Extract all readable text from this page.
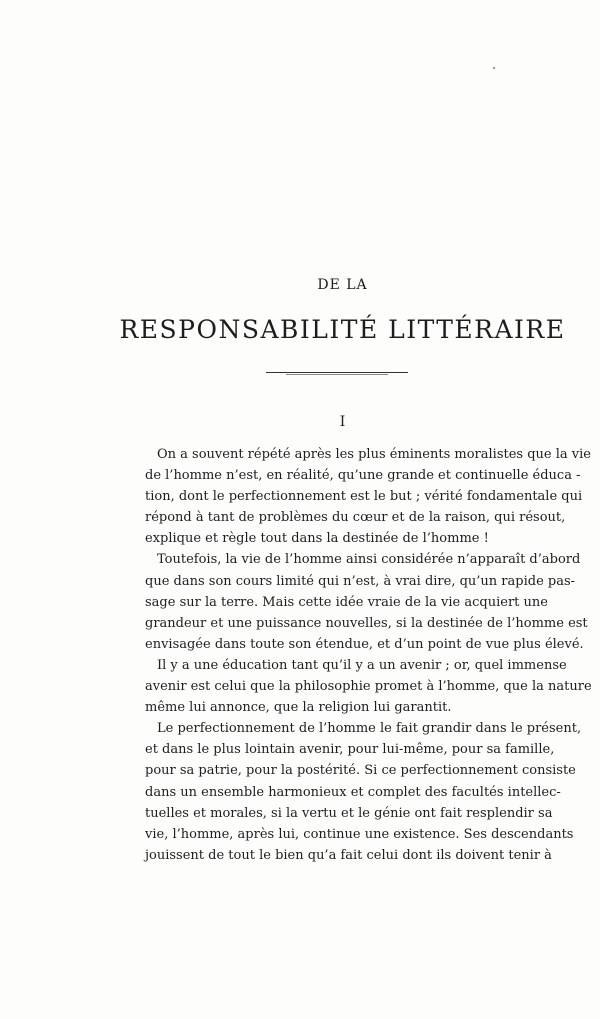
DE LA
RESPONSABILITÉ LITTÉRAIRE
I
On a souvent répété après les plus éminents moralistes que la vie
de l’homme n’est, en réalité, qu’une grande et continuelle éduca -
tion, dont le perfectionnement est le but ; vérité fondamentale qui
répond à tant de problèmes du cœur et de la raison, qui résout,
explique et règle tout dans la destinée de l’homme !
Toutefois, la vie de l’homme ainsi considérée n’apparaît d’abord
que dans son cours limité qui n’est, à vrai dire, qu’un rapide pas-
sage sur la terre. Mais cette idée vraie de la vie acquiert une
grandeur et une puissance nouvelles, si la destinée de l’homme est
envisagée dans toute son étendue, et d’un point de vue plus élevé.
Il y a une éducation tant qu’il y a un avenir ; or, quel immense
avenir est celui que la philosophie promet à l’homme, que la nature
même lui annonce, que la religion lui garantit.
Le perfectionnement de l’homme le fait grandir dans le présent,
et dans le plus lointain avenir, pour lui-même, pour sa famille,
pour sa patrie, pour la postérité. Si ce perfectionnement consiste
dans un ensemble harmonieux et complet des facultés intellec-
tuelles et morales, si la vertu et le génie ont fait resplendir sa
vie, l’homme, après lui, continue une existence. Ses descendants
jouissent de tout le bien qu’a fait celui dont ils doivent tenir à
